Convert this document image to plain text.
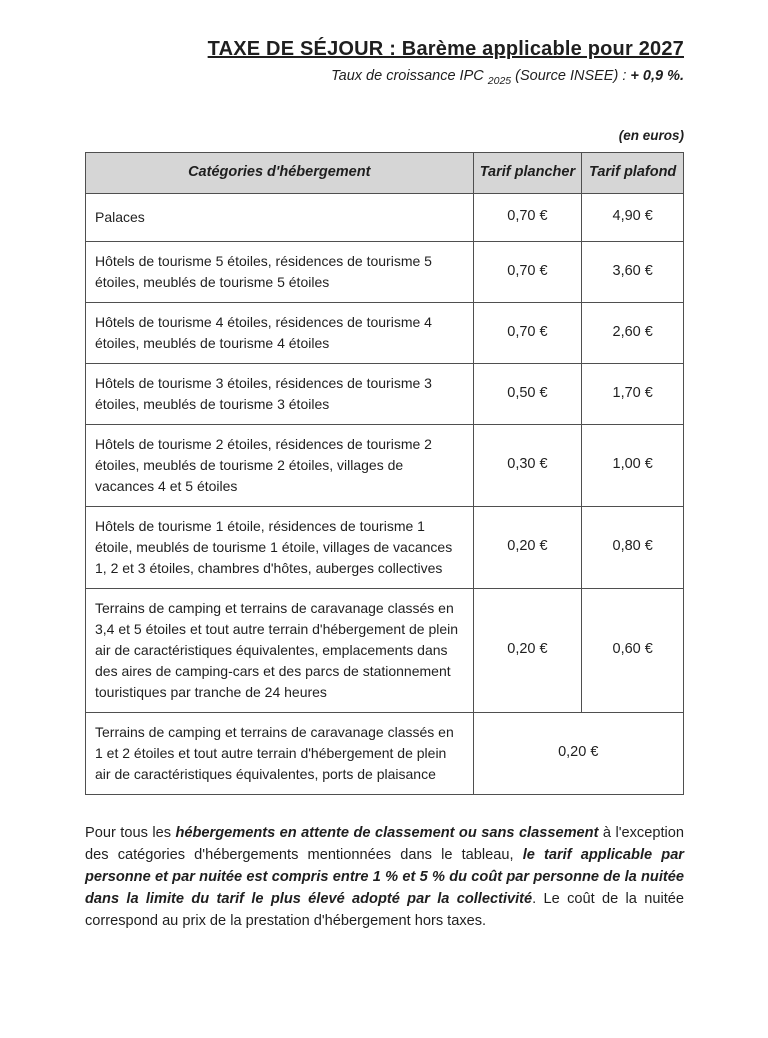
TAXE DE SÉJOUR : Barème applicable pour 2027
Taux de croissance IPC $_{2025}$ (Source INSEE) : + 0,9 %.
(en euros)
Catégories d'hébergement	Tarif plancher	Tarif plafond
Palaces	0,70 €	4,90 €
Hôtels de tourisme 5 étoiles, résidences de tourisme 5 étoiles, meublés de tourisme 5 étoiles	0,70 €	3,60 €
Hôtels de tourisme 4 étoiles, résidences de tourisme 4 étoiles, meublés de tourisme 4 étoiles	0,70 €	2,60 €
Hôtels de tourisme 3 étoiles, résidences de tourisme 3 étoiles, meublés de tourisme 3 étoiles	0,50 €	1,70 €
Hôtels de tourisme 2 étoiles, résidences de tourisme 2 étoiles, meublés de tourisme 2 étoiles, villages de vacances 4 et 5 étoiles	0,30 €	1,00 €
Hôtels de tourisme 1 étoile, résidences de tourisme 1 étoile, meublés de tourisme 1 étoile, villages de vacances 1, 2 et 3 étoiles, chambres d'hôtes, auberges collectives	0,20 €	0,80 €
Terrains de camping et terrains de caravanage classés en 3,4 et 5 étoiles et tout autre terrain d'hébergement de plein air de caractéristiques équivalentes, emplacements dans des aires de camping-cars et des parcs de stationnement touristiques par tranche de 24 heures	0,20 €	0,60 €
Terrains de camping et terrains de caravanage classés en 1 et 2 étoiles et tout autre terrain d'hébergement de plein air de caractéristiques équivalentes, ports de plaisance	0,20 €	

Pour tous les hébergements en attente de classement ou sans classement à l'exception des catégories d'hébergements mentionnées dans le tableau, le tarif applicable par personne et par nuitée est compris entre 1 % et 5 % du coût par personne de la nuitée dans la limite du tarif le plus élevé adopté par la collectivité. Le coût de la nuitée correspond au prix de la prestation d'hébergement hors taxes.
